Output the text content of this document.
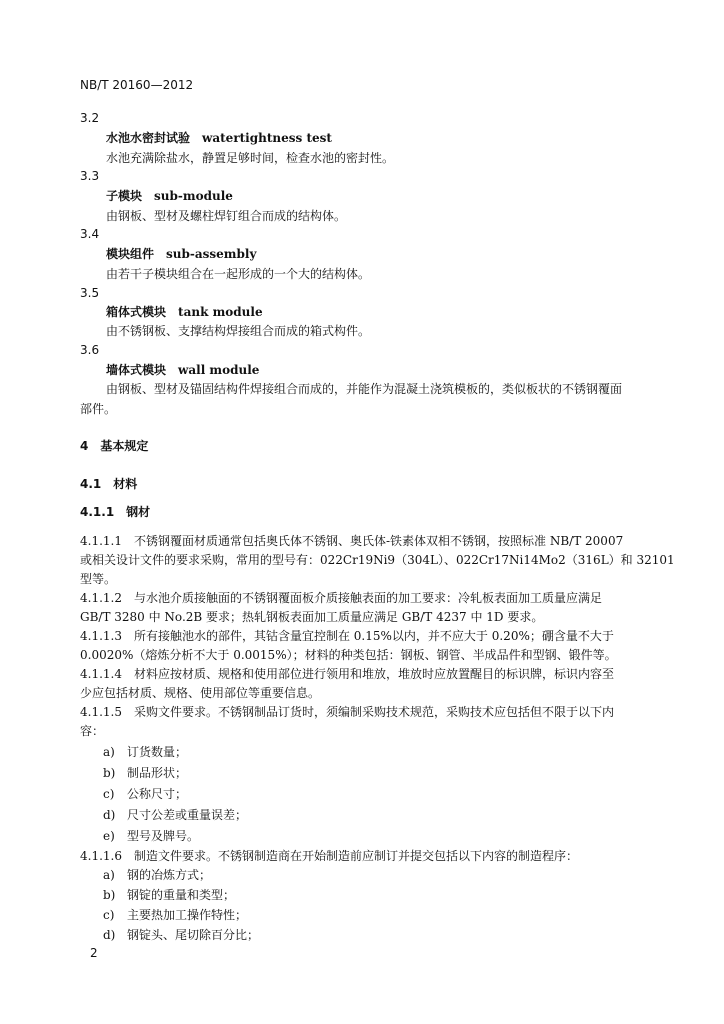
NB/T 20160—2012
3.2
水池水密封试验　 watertightness test
水池充满除盐水，静置足够时间，检查水池的密封性。
3.3
子模块　 sub-module
由钢板、型材及螺柱焊钉组合而成的结构体。
3.4
模块组件　 sub-assembly
由若干子模块组合在一起形成的一个大的结构体。
3.5
箱体式模块　 tank module
由不锈钢板、支撑结构焊接组合而成的箱式构件。
3.6
墙体式模块　 wall module
由钢板、型材及锚固结构件焊接组合而成的，并能作为混凝土浇筑模板的，类似板状的不锈钢覆面
部件。
4　基本规定
4.1　材料
4.1.1　钢材
4.1.1.1　不锈钢覆面材质通常包括奥氏体不锈钢、奥氏体-铁素体双相不锈钢，按照标准 NB/T 20007
或相关设计文件的要求采购，常用的型号有：022Cr19Ni9（304L）、022Cr17Ni14Mo2（316L）和 32101
型等。
4.1.1.2　与水池介质接触面的不锈钢覆面板介质接触表面的加工要求：冷轧板表面加工质量应满足
GB/T 3280 中 No.2B 要求；热轧钢板表面加工质量应满足 GB/T 4237 中 1D 要求。
4.1.1.3　所有接触池水的部件，其钴含量宜控制在 0.15%以内，并不应大于 0.20%；硼含量不大于
0.0020%（熔炼分析不大于 0.0015%）；材料的种类包括：钢板、钢管、半成品件和型钢、锻件等。
4.1.1.4　材料应按材质、规格和使用部位进行领用和堆放，堆放时应放置醒目的标识牌，标识内容至
少应包括材质、规格、使用部位等重要信息。
4.1.1.5　采购文件要求。不锈钢制品订货时，须编制采购技术规范，采购技术应包括但不限于以下内
容：
a) 订货数量；
b) 制品形状；
c) 公称尺寸；
d) 尺寸公差或重量误差；
e) 型号及牌号。
4.1.1.6　制造文件要求。不锈钢制造商在开始制造前应制订并提交包括以下内容的制造程序：
a) 钢的冶炼方式；
b) 钢锭的重量和类型；
c) 主要热加工操作特性；
d) 钢锭头、尾切除百分比；
2
